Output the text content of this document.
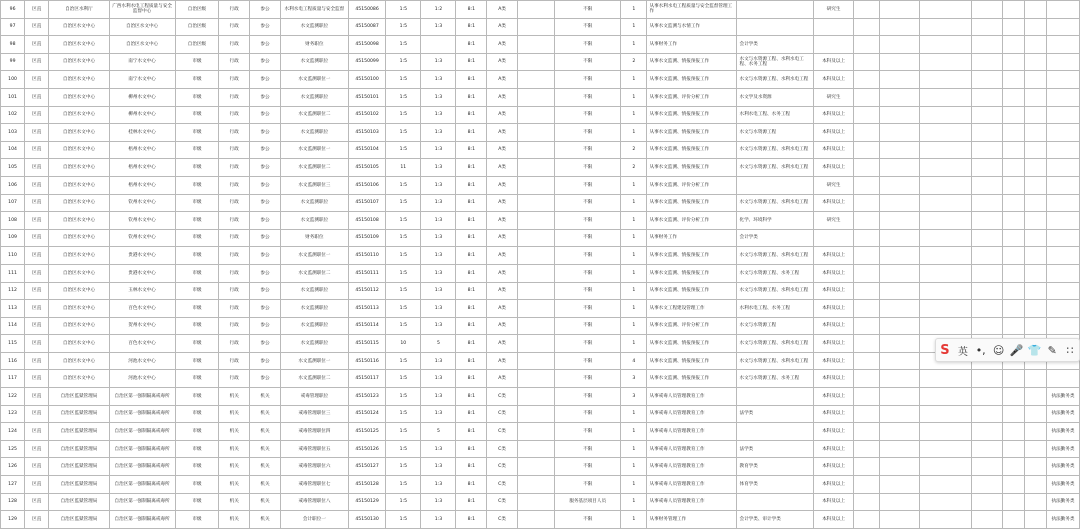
96	区直	自治区水利厅	广西水利水电工程质量与安全监督中心	自治区级	行政	参公	水利水电工程质量与安全监督	45150086	1:5	1:2	8:1	A类		不限	1	从事水利水电工程质量与安全监督管理工作		研究生							
97	区直	自治区水文中心	自治区水文中心	自治区级	行政	参公	水文监测职位	45150087	1:5	1:3	8:1	A类		不限	1	从事水文监测与水情工作									
98	区直	自治区水文中心	自治区水文中心	自治区级	行政	参公	财务职位	45150098	1:5		8:1	A类		不限	1	从事财务工作	会计学类								
99	区直	自治区水文中心	南宁水文中心	市级	行政	参公	水文监测职位	45150099	1:5	1:3	8:1	A类		不限	2	从事水文监测、情报预报工作	水文与水资源工程、水利水电工程、水务工程	本科及以上							
100	区直	自治区水文中心	南宁水文中心	市级	行政	参公	水文监测职位一	45150100	1:5	1:3	8:1	A类		不限	1	从事水文监测、情报预报工作	水文与水资源工程、水利水电工程	本科及以上							
101	区直	自治区水文中心	柳州水文中心	市级	行政	参公	水文监测职位	45150101	1:5	1:3	8:1	A类		不限	1	从事水文监测、评价分析工作	水文学及水资源	研究生							
102	区直	自治区水文中心	柳州水文中心	市级	行政	参公	水文监测职位二	45150102	1:5	1:3	8:1	A类		不限	1	从事水文监测、情报预报工作	水利水电工程、水务工程	本科及以上							
103	区直	自治区水文中心	桂林水文中心	市级	行政	参公	水文监测职位	45150103	1:5	1:3	8:1	A类		不限	1	从事水文监测、情报预报工作	水文与水资源工程	本科及以上							
104	区直	自治区水文中心	梧州水文中心	市级	行政	参公	水文监测职位一	45150104	1:5	1:3	8:1	A类		不限	2	从事水文监测、情报预报工作	水文与水资源工程、水利水电工程	本科及以上							
105	区直	自治区水文中心	梧州水文中心	市级	行政	参公	水文监测职位二	45150105	11	1:3	8:1	A类		不限	2	从事水文监测、情报预报工作	水文与水资源工程、水利水电工程	本科及以上							
106	区直	自治区水文中心	梧州水文中心	市级	行政	参公	水文监测职位三	45150106	1:5	1:3	8:1	A类		不限	1	从事水文监测、评价分析工作		研究生							
107	区直	自治区水文中心	钦州水文中心	市级	行政	参公	水文监测职位	45150107	1:5	1:3	8:1	A类		不限	1	从事水文监测、情报预报工作	水文与水资源工程、水利水电工程	本科及以上							
108	区直	自治区水文中心	钦州水文中心	市级	行政	参公	水文监测职位	45150108	1:5	1:3	8:1	A类		不限	1	从事水文监测、评价分析工作	化学、环境科学	研究生							
109	区直	自治区水文中心	钦州水文中心	市级	行政	参公	财务职位	45150109	1:5	1:3	8:1	A类		不限	1	从事财务工作	会计学类								
110	区直	自治区水文中心	贵港水文中心	市级	行政	参公	水文监测职位一	45150110	1:5	1:3	8:1	A类		不限	1	从事水文监测、情报预报工作	水文与水资源工程、水利水电工程	本科及以上							
111	区直	自治区水文中心	贵港水文中心	市级	行政	参公	水文监测职位二	45150111	1:5	1:3	8:1	A类		不限	1	从事水文监测、情报预报工作	水文与水资源工程、水务工程	本科及以上							
112	区直	自治区水文中心	玉林水文中心	市级	行政	参公	水文监测职位	45150112	1:5	1:3	8:1	A类		不限	1	从事水文监测、情报预报工作	水文与水资源工程、水利水电工程	本科及以上							
113	区直	自治区水文中心	百色水文中心	市级	行政	参公	水文监测职位	45150113	1:5	1:3	8:1	A类		不限	1	从事水文工程建设管理工作	水利水电工程、水务工程	本科及以上							
114	区直	自治区水文中心	贺州水文中心	市级	行政	参公	水文监测职位	45150114	1:5	1:3	8:1	A类		不限	1	从事水文监测、评价分析工作	水文与水资源工程	本科及以上							
115	区直	自治区水文中心	百色水文中心	市级	行政	参公	水文监测职位	45150115	10	5	8:1	A类		不限	1	从事水文监测、情报预报工作	水文与水资源工程、水利水电工程	本科及以上							
116	区直	自治区水文中心	河池水文中心	市级	行政	参公	水文监测职位一	45150116	1:5	1:3	8:1	A类		不限	4	从事水文监测、情报预报工作	水文与水资源工程、水利水电工程	本科及以上							
117	区直	自治区水文中心	河池水文中心	市级	行政	参公	水文监测职位二	45150117	1:5	1:3	8:1	A类		不限	3	从事水文监测、情报预报工作	水文与水资源工程、水务工程	本科及以上							
122	区直	自治区监狱管理局	自治区第一强制隔离戒毒所	市级	机关	机关	戒毒管理职位	45150123	1:5	1:3	8:1	C类		不限	3	从事戒毒人员管理教育工作		本科及以上							执法勤务类
123	区直	自治区监狱管理局	自治区第一强制隔离戒毒所	市级	机关	机关	戒毒管理职位三	45150124	1:5	1:3	8:1	C类		不限	1	从事戒毒人员管理教育工作	法学类	本科及以上							执法勤务类
124	区直	自治区监狱管理局	自治区第一强制隔离戒毒所	市级	机关	机关	戒毒管理职位四	45150125	1:5	5	8:1	C类		不限	1	从事戒毒人员管理教育工作		本科及以上							执法勤务类
125	区直	自治区监狱管理局	自治区第一强制隔离戒毒所	市级	机关	机关	戒毒管理职位五	45150126	1:5	1:3	8:1	C类		不限	1	从事戒毒人员管理教育工作	法学类	本科及以上							执法勤务类
126	区直	自治区监狱管理局	自治区第一强制隔离戒毒所	市级	机关	机关	戒毒管理职位六	45150127	1:5	1:3	8:1	C类		不限	1	从事戒毒人员管理教育工作	教育学类	本科及以上							执法勤务类
127	区直	自治区监狱管理局	自治区第一强制隔离戒毒所	市级	机关	机关	戒毒管理职位七	45150128	1:5	1:3	8:1	C类		不限	1	从事戒毒人员管理教育工作	体育学类	本科及以上							执法勤务类
128	区直	自治区监狱管理局	自治区第一强制隔离戒毒所	市级	机关	机关	戒毒管理职位八	45150129	1:5	1:3	8:1	C类		服务基层项目人员	1	从事戒毒人员管理教育工作		本科及以上							执法勤务类
129	区直	自治区监狱管理局	自治区第一强制隔离戒毒所	市级	机关	机关	会计职位一	45150130	1:5	1:3	8:1	C类		不限	1	从事财务管理工作	会计学类、审计学类	本科及以上							执法勤务类
S 英 •, ☺ 🎤 👕 ✎ ∷
